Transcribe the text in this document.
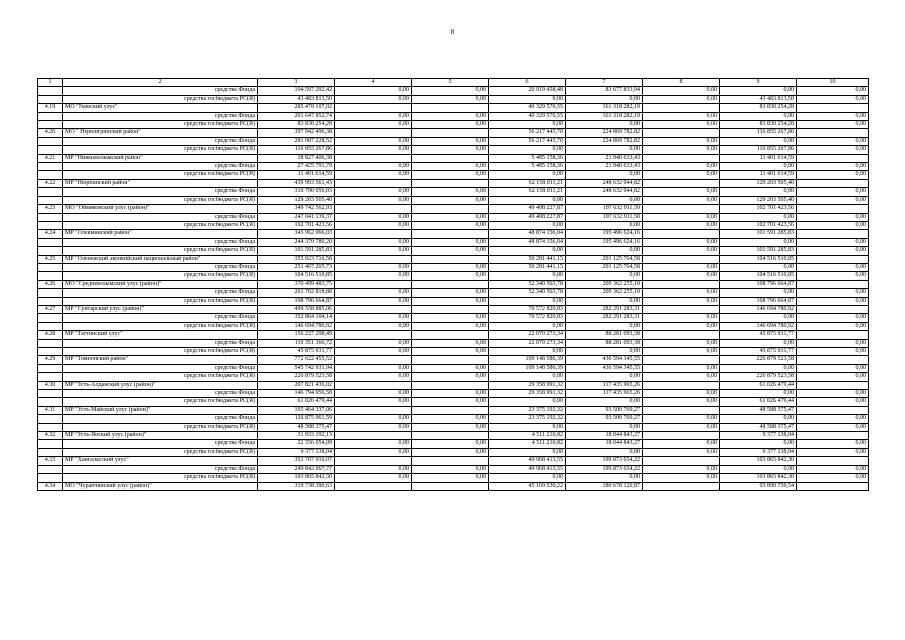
8
1	2	3	4	5	6	7	8	9	10
	средства Фонда	104 597 292,42	0,00	0,00	20 919 458,48	83 677 833,94	0,00	0,00	0,00
	средства госбюджета РС(Я)	43 483 813,50	0,00	0,00	0,00	0,00	0,00	43 483 813,50	0,00
4.19	МО "Namский улус"	285 478 107,02			40 329 570,55	161 318 282,19		83 830 254,28	
	средства Фонда	201 647 852,74	0,00	0,00	40 329 570,55	161 318 282,19	0,00	0,00	0,00
	средства госбюджета РС(Я)	83 830 254,28	0,00	0,00	0,00	0,00	0,00	83 830 254,28	0,00
4.20	МО " Нерюнгринский район"	397 942 496,38			56 217 445,70	224 869 782,82		116 855 267,86	
	средства Фонда	281 087 228,52	0,00	0,00	56 217 445,70	224 869 782,82	0,00	0,00	0,00
	средства госбюджета РС(Я)	116 855 267,86	0,00	0,00	0,00	0,00	0,00	116 855 267,86	0,00
4.21	МР "Нижнеколымский район"	38 827 406,38			5 485 158,36	21 940 633,43		11 401 614,59	
	средства Фонда	27 425 791,79	0,00	0,00	5 485 158,36	21 940 633,43	0,00	0,00	0,00
	средства госбюджета РС(Я)	11 401 614,59	0,00	0,00	0,00	0,00	0,00	11 401 614,59	0,00
4.22	МР "Нюрбинский район"	439 993 561,43			62 158 011,21	248 632 044,82		129 203 505,40	
	средства Фонда	310 790 056,03	0,00	0,00	62 158 011,21	248 632 044,82	0,00	0,00	0,00
	средства госбюджета РС(Я)	129 203 505,40	0,00	0,00	0,00	0,00	0,00	129 203 505,40	0,00
4.23	МО "Оймяконский улус (район)"	349 742 562,93			49 408 227,87	197 632 911,50		102 701 423,56	
	средства Фонда	247 041 139,37	0,00	0,00	49 408 227,87	197 632 911,50	0,00	0,00	0,00
	средства госбюджета РС(Я)	102 701 423,56	0,00	0,00	0,00	0,00	0,00	102 701 423,56	0,00
4.24	МР "Олекминский район"	345 962 066,03			48 874 156,04	195 496 624,16		101 591 285,83	
	средства Фонда	244 370 780,20	0,00	0,00	48 874 156,04	195 496 624,16	0,00	0,00	0,00
	средства госбюджета РС(Я)	101 591 285,83	0,00	0,00	0,00	0,00	0,00	101 591 285,83	0,00
4.25	МР "Оленекский эвенкийский национальный район"	355 923 716,58			50 281 441,15	201 125 764,58		104 516 510,85	
	средства Фонда	251 407 205,73	0,00	0,00	50 281 441,15	201 125 764,58	0,00	0,00	0,00
	средства госбюджета РС(Я)	104 516 510,85	0,00	0,00	0,00	0,00	0,00	104 516 510,85	0,00
4.26	МО "Среднеколымский улус (район)"	370 499 483,75			52 340 563,78	209 362 255,10		108 796 664,87	
	средства Фонда	261 702 818,88	0,00	0,00	52 340 563,78	209 362 255,10	0,00	0,00	0,00
	средства госбюджета РС(Я)	108 796 664,87	0,00	0,00	0,00	0,00	0,00	108 796 664,87	0,00
4.27	МР "Сунтарский улус (район)"	499 558 885,06			70 572 820,83	282 291 283,31		146 694 780,92	
	средства Фонда	352 864 104,14	0,00	0,00	70 572 820,83	282 291 283,31	0,00	0,00	0,00
	средства госбюджета РС(Я)	146 694 780,92	0,00	0,00	0,00	0,00	0,00	146 694 780,92	0,00
4.28	МР "Таттинский улус"	156 227 298,49			22 070 273,34	88 281 093,38		45 875 931,77	
	средства Фонда	110 351 366,72	0,00	0,00	22 070 273,34	88 281 093,38	0,00	0,00	0,00
	средства госбюджета РС(Я)	45 875 931,77	0,00	0,00	0,00	0,00	0,00	45 875 931,77	0,00
4.29	МР "Томпонский район"	772 622 455,52			109 148 586,39	436 594 345,55		226 879 523,58	
	средства Фонда	545 742 931,94	0,00	0,00	109 148 586,39	436 594 345,55	0,00	0,00	0,00
	средства госбюджета РС(Я)	226 879 523,58	0,00	0,00	0,00	0,00	0,00	226 879 523,58	0,00
4.30	МР "Усть-Алданский улус (район)"	207 821 436,02			29 358 991,32	117 435 965,26		61 026 479,44	
	средства Фонда	146 794 956,58	0,00	0,00	29 358 991,32	117 435 965,26	0,00	0,00	0,00
	средства госбюджета РС(Я)	61 026 479,44	0,00	0,00	0,00	0,00	0,00	61 026 479,44	0,00
4.31	МР "Усть-Майский улус (район)"	165 464 337,06			23 375 192,32	93 500 769,27		48 588 375,47	
	средства Фонда	116 875 961,59	0,00	0,00	23 375 192,32	93 500 769,27	0,00	0,00	0,00
	средства госбюджета РС(Я)	48 588 375,47	0,00	0,00	0,00	0,00	0,00	48 588 375,47	0,00
4.32	МР "Усть-Янский улус (район)"	31 933 192,13			4 511 210,82	18 044 843,27		9 377 138,04	
	средства Фонда	22 556 054,09	0,00	0,00	4 511 210,82	18 044 843,27	0,00	0,00	0,00
	средства госбюджета РС(Я)	9 377 138,04	0,00	0,00	0,00	0,00	0,00	9 377 138,04	0,00
4.33	МР "Хангаласский улус"	353 707 910,07			49 968 413,55	199 873 654,22		103 865 842,30	
	средства Фонда	249 842 067,77	0,00	0,00	49 968 413,55	199 873 654,22	0,00	0,00	0,00
	средства госбюджета РС(Я)	103 865 842,30	0,00	0,00	0,00	0,00	0,00	103 865 842,30	0,00
4.34	МО "Чурапчинский улус (район)"	319 738 390,63			45 169 530,22	180 678 120,87		93 890 739,54	
